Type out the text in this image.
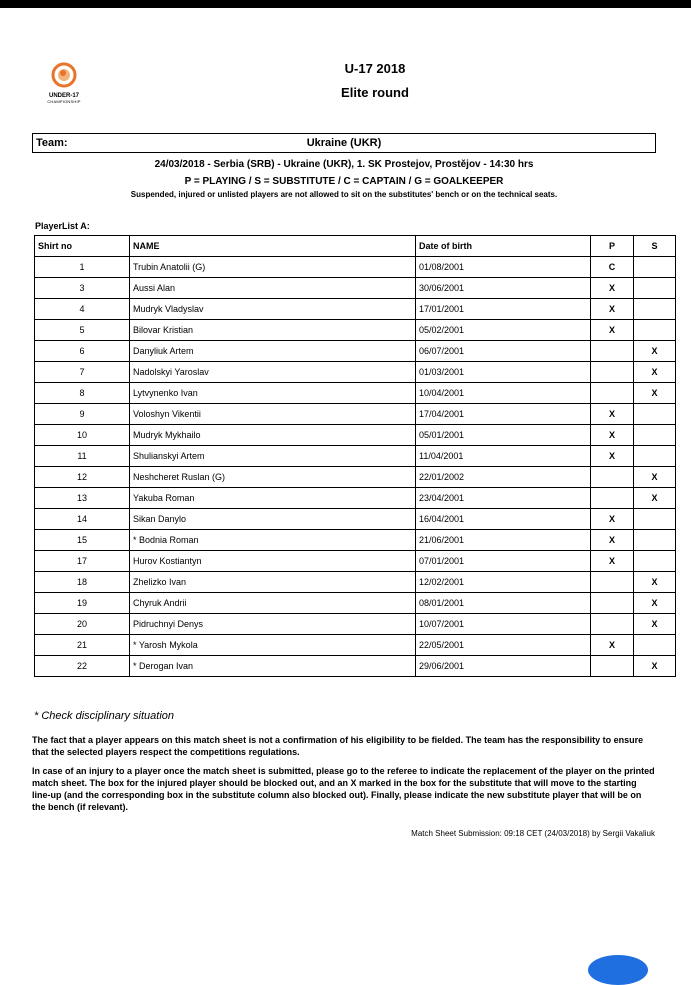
UNDER-17
CHAMPIONSHIP
U-17 2018
Elite round
Team:	Ukraine (UKR)
24/03/2018 - Serbia (SRB) - Ukraine (UKR), 1. SK Prostejov, Prostějov - 14:30 hrs
P = PLAYING / S = SUBSTITUTE / C = CAPTAIN / G = GOALKEEPER
Suspended, injured or unlisted players are not allowed to sit on the substitutes' bench or on the technical seats.
PlayerList A:
Shirt no	NAME	Date of birth	P	S
1	Trubin Anatolii (G)	01/08/2001	C	
3	Aussi Alan	30/06/2001	X	
4	Mudryk Vladyslav	17/01/2001	X	
5	Bilovar Kristian	05/02/2001	X	
6	Danyliuk Artem	06/07/2001		X
7	Nadolskyi Yaroslav	01/03/2001		X
8	Lytvynenko Ivan	10/04/2001		X
9	Voloshyn Vikentii	17/04/2001	X	
10	Mudryk Mykhailo	05/01/2001	X	
11	Shulianskyi Artem	11/04/2001	X	
12	Neshcheret Ruslan (G)	22/01/2002		X
13	Yakuba Roman	23/04/2001		X
14	Sikan Danylo	16/04/2001	X	
15	* Bodnia Roman	21/06/2001	X	
17	Hurov Kostiantyn	07/01/2001	X	
18	Zhelizko Ivan	12/02/2001		X
19	Chyruk Andrii	08/01/2001		X
20	Pidruchnyi Denys	10/07/2001		X
21	* Yarosh Mykola	22/05/2001	X	
22	* Derogan Ivan	29/06/2001		X
* Check disciplinary situation
The fact that a player appears on this match sheet is not a confirmation of his eligibility to be fielded. The team has the responsibility to ensure that the selected players respect the competitions regulations.
In case of an injury to a player once the match sheet is submitted, please go to the referee to indicate the replacement of the player on the printed match sheet. The box for the injured player should be blocked out, and an X marked in the box for the substitute that will move to the starting line-up (and the corresponding box in the substitute column also blocked out). Finally, please indicate the new substitute player that will be on the bench (if relevant).
Match Sheet Submission: 09:18 CET (24/03/2018) by Sergii Vakaliuk
